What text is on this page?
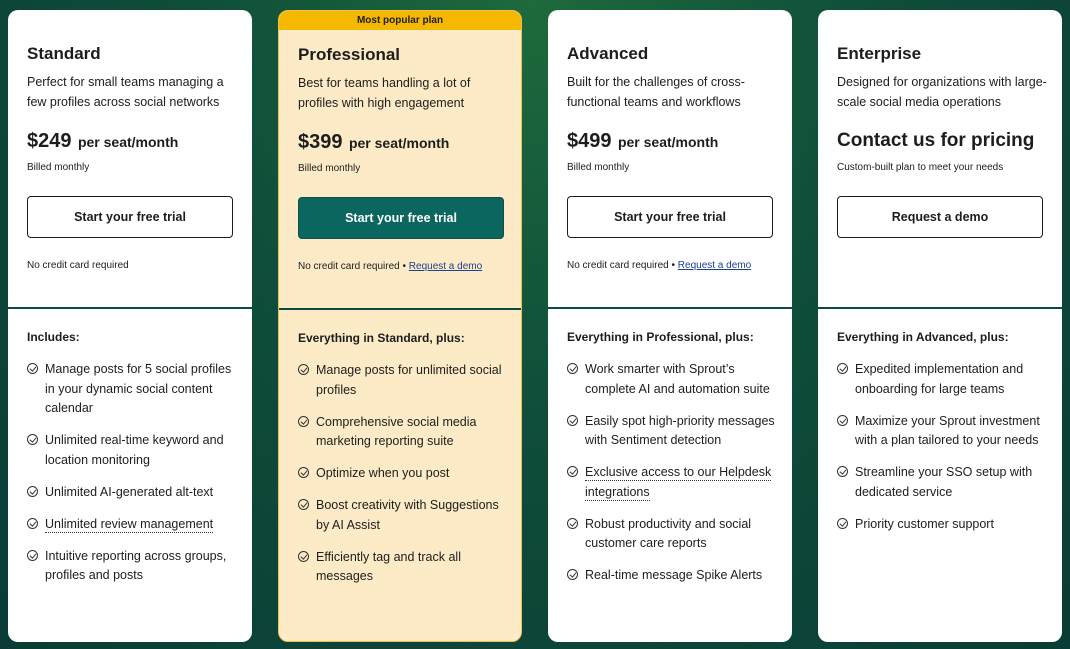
Standard
Perfect for small teams managing a few profiles across social networks
$249 per seat/month
Billed monthly
Start your free trial
No credit card required
Includes:
Manage posts for 5 social profiles in your dynamic social content calendar
Unlimited real-time keyword and location monitoring
Unlimited AI-generated alt-text
Unlimited review management
Intuitive reporting across groups, profiles and posts
Most popular plan
Professional
Best for teams handling a lot of profiles with high engagement
$399 per seat/month
Billed monthly
Start your free trial
No credit card required • Request a demo
Everything in Standard, plus:
Manage posts for unlimited social profiles
Comprehensive social media marketing reporting suite
Optimize when you post
Boost creativity with Suggestions by AI Assist
Efficiently tag and track all messages
Advanced
Built for the challenges of cross-functional teams and workflows
$499 per seat/month
Billed monthly
Start your free trial
No credit card required • Request a demo
Everything in Professional, plus:
Work smarter with Sprout’s complete AI and automation suite
Easily spot high-priority messages with Sentiment detection
Exclusive access to our Helpdesk integrations
Robust productivity and social customer care reports
Real-time message Spike Alerts
Enterprise
Designed for organizations with large-scale social media operations
Contact us for pricing
Custom-built plan to meet your needs
Request a demo
Everything in Advanced, plus:
Expedited implementation and onboarding for large teams
Maximize your Sprout investment with a plan tailored to your needs
Streamline your SSO setup with dedicated service
Priority customer support
